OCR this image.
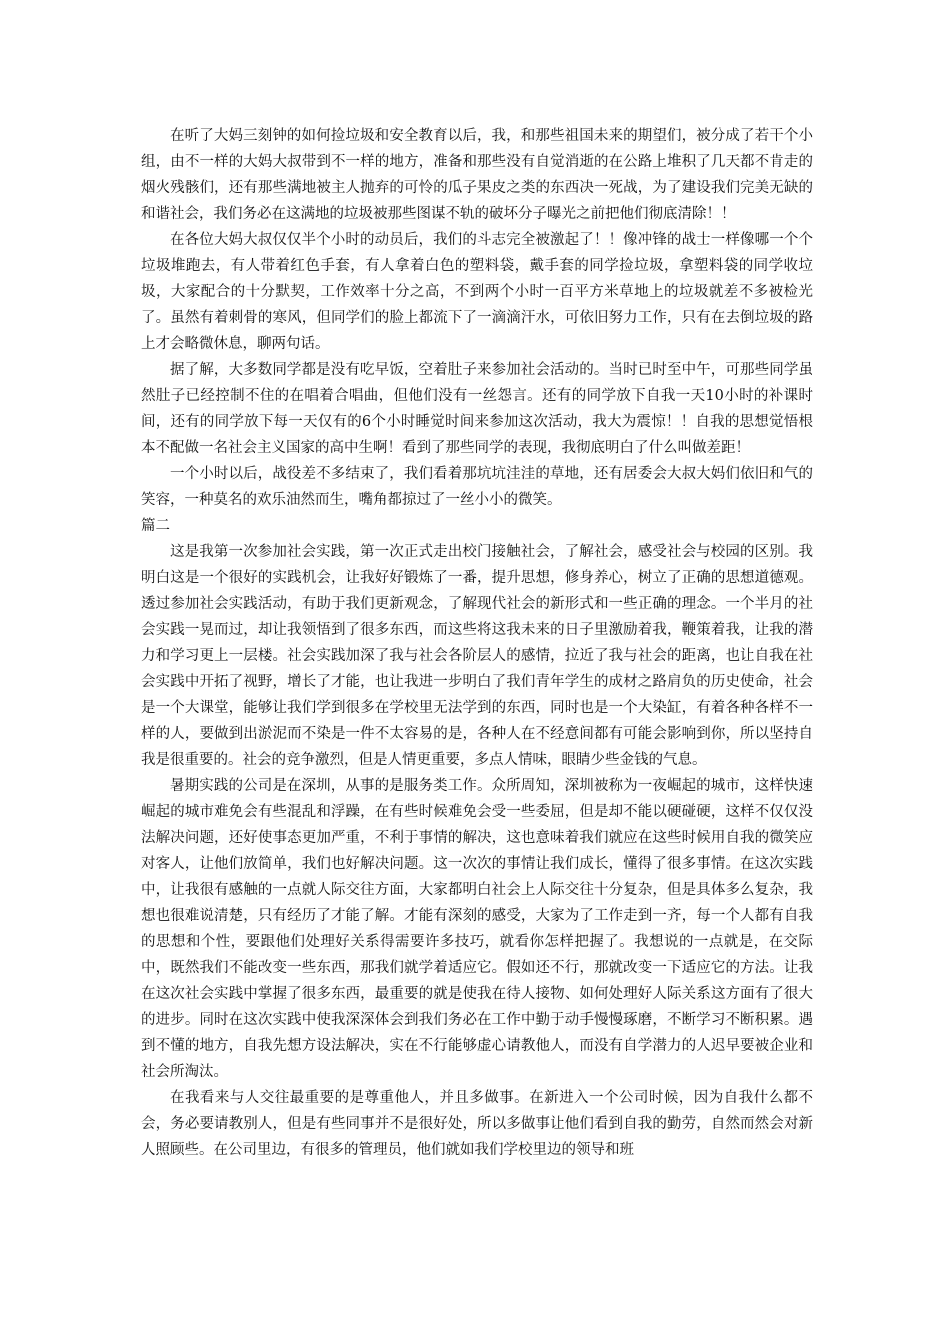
在听了大妈三刻钟的如何捡垃圾和安全教育以后，我，和那些祖国未来的期望们，被分成了若干个小组，由不一样的大妈大叔带到不一样的地方，准备和那些没有自觉消逝的在公路上堆积了几天都不肯走的烟火残骸们，还有那些满地被主人抛弃的可怜的瓜子果皮之类的东西决一死战，为了建设我们完美无缺的和谐社会，我们务必在这满地的垃圾被那些图谋不轨的破坏分子曝光之前把他们彻底清除！！

在各位大妈大叔仅仅半个小时的动员后，我们的斗志完全被激起了！！像冲锋的战士一样像哪一个个垃圾堆跑去，有人带着红色手套，有人拿着白色的塑料袋，戴手套的同学捡垃圾，拿塑料袋的同学收垃圾，大家配合的十分默契，工作效率十分之高，不到两个小时一百平方米草地上的垃圾就差不多被检光了。虽然有着刺骨的寒风，但同学们的脸上都流下了一滴滴汗水，可依旧努力工作，只有在去倒垃圾的路上才会略微休息，聊两句话。

据了解，大多数同学都是没有吃早饭，空着肚子来参加社会活动的。当时已时至中午，可那些同学虽然肚子已经控制不住的在唱着合唱曲，但他们没有一丝怨言。还有的同学放下自我一天10小时的补课时间，还有的同学放下每一天仅有的6个小时睡觉时间来参加这次活动，我大为震惊！！自我的思想觉悟根本不配做一名社会主义国家的高中生啊！看到了那些同学的表现，我彻底明白了什么叫做差距！

一个小时以后，战役差不多结束了，我们看着那坑坑洼洼的草地，还有居委会大叔大妈们依旧和气的笑容，一种莫名的欢乐油然而生，嘴角都掠过了一丝小小的微笑。

篇二

这是我第一次参加社会实践，第一次正式走出校门接触社会，了解社会，感受社会与校园的区别。我明白这是一个很好的实践机会，让我好好锻炼了一番，提升思想，修身养心，树立了正确的思想道德观。透过参加社会实践活动，有助于我们更新观念，了解现代社会的新形式和一些正确的理念。一个半月的社会实践一晃而过，却让我领悟到了很多东西，而这些将这我未来的日子里激励着我，鞭策着我，让我的潜力和学习更上一层楼。社会实践加深了我与社会各阶层人的感情，拉近了我与社会的距离，也让自我在社会实践中开拓了视野，增长了才能，也让我进一步明白了我们青年学生的成材之路肩负的历史使命，社会是一个大课堂，能够让我们学到很多在学校里无法学到的东西，同时也是一个大染缸，有着各种各样不一样的人，要做到出淤泥而不染是一件不太容易的是，各种人在不经意间都有可能会影响到你，所以坚持自我是很重要的。社会的竞争激烈，但是人情更重要，多点人情味，眼睛少些金钱的气息。

暑期实践的公司是在深圳，从事的是服务类工作。众所周知，深圳被称为一夜崛起的城市，这样快速崛起的城市难免会有些混乱和浮躁，在有些时候难免会受一些委屈，但是却不能以硬碰硬，这样不仅仅没法解决问题，还好使事态更加严重，不利于事情的解决，这也意味着我们就应在这些时候用自我的微笑应对客人，让他们放简单，我们也好解决问题。这一次次的事情让我们成长，懂得了很多事情。在这次实践中，让我很有感触的一点就人际交往方面，大家都明白社会上人际交往十分复杂，但是具体多么复杂，我想也很难说清楚，只有经历了才能了解。才能有深刻的感受，大家为了工作走到一齐，每一个人都有自我的思想和个性，要跟他们处理好关系得需要许多技巧，就看你怎样把握了。我想说的一点就是，在交际中，既然我们不能改变一些东西，那我们就学着适应它。假如还不行，那就改变一下适应它的方法。让我在这次社会实践中掌握了很多东西，最重要的就是使我在待人接物、如何处理好人际关系这方面有了很大的进步。同时在这次实践中使我深深体会到我们务必在工作中勤于动手慢慢琢磨，不断学习不断积累。遇到不懂的地方，自我先想方设法解决，实在不行能够虚心请教他人，而没有自学潜力的人迟早要被企业和社会所淘汰。

在我看来与人交往最重要的是尊重他人，并且多做事。在新进入一个公司时候，因为自我什么都不会，务必要请教别人，但是有些同事并不是很好处，所以多做事让他们看到自我的勤劳，自然而然会对新人照顾些。在公司里边，有很多的管理员，他们就如我们学校里边的领导和班
